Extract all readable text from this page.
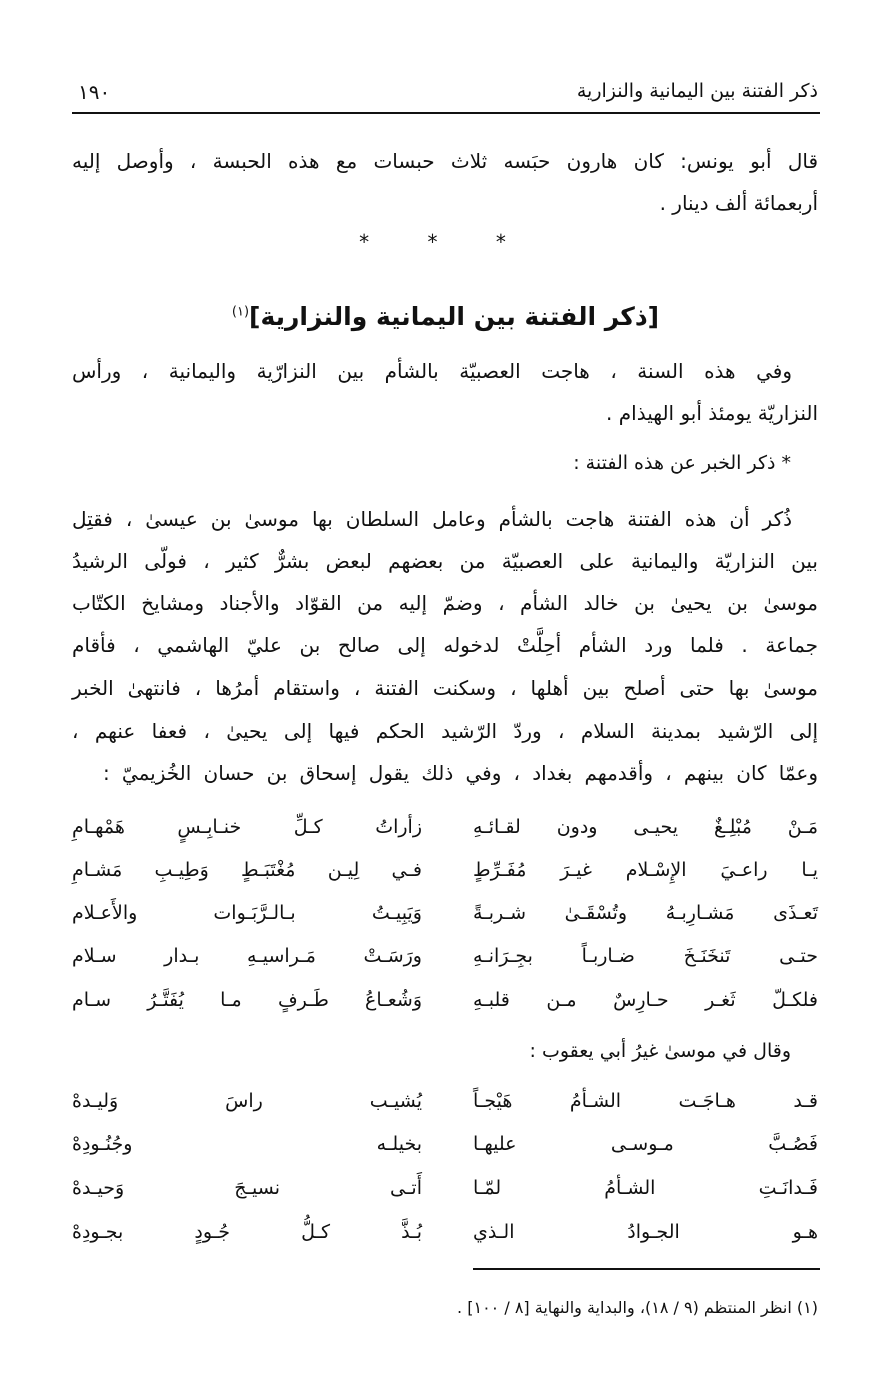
ذكر الفتنة بين اليمانية والنزارية
١٩٠
قال أبو يونس: كان هارون حبَسه ثلاث حبسات مع هذه الحبسة ، وأوصل إليه
أربعمائة ألف دينار .
* * *
[ذكر الفتنة بين اليمانية والنزارية]$^{(١)}$
وفي هذه السنة ، هاجت العصبيّة بالشأم بين النزارّية واليمانية ، ورأس
النزاريّة يومئذ أبو الهيذام .
* ذكر الخبر عن هذه الفتنة :
ذُكر أن هذه الفتنة هاجت بالشأم وعامل السلطان بها موسىٰ بن عيسىٰ ، فقتِل
بين النزاريّة واليمانية على العصبيّة من بعضهم لبعض بشرٌّ كثير ، فولّى الرشيدُ
موسىٰ بن يحيىٰ بن خالد الشأم ، وضمّ إليه من القوّاد والأجناد ومشايخ الكتّاب
جماعة . فلما ورد الشأم أحِلَّتْ لدخوله إلى صالح بن عليّ الهاشمي ، فأقام
موسىٰ بها حتى أصلح بين أهلها ، وسكنت الفتنة ، واستقام أمرُها ، فانتهىٰ الخبر
إلى الرّشيد بمدينة السلام ، وردّ الرّشيد الحكم فيها إلى يحيىٰ ، فعفا عنهم ،
وعمّا كان بينهم ، وأقدمهم بغداد ، وفي ذلك يقول إسحاق بن حسان الخُزيميّ :
مَـنْ مُبْلِـغٌ يحيـى ودون لقـائـهِ
زأراتُ كـلِّ خنـابِـسٍ هَمْهـامِ
يـا راعـيَ الإِسْـلام غيـرَ مُفَـرِّطٍ
فـي لِيـن مُغْتَبَـطٍ وَطِيـبِ مَشـامِ
تَعـذَى مَشـارِبـهُ وتُسْقَـىٰ شـربـةً
وَيَبِيـتُ بـالـرَّبَـوات والأَعـلام
حتـى تَنخَنَـخَ ضـاربـاً بجِـرَانـهِ
ورَسَـتْ مَـراسيـهِ بـدار سـلام
فلكـلّ ثَغـر حـارِسٌ مـن قلبـهِ
وَشُعـاعُ طَـرفٍ مـا يُفَتَّـرُ سـام
وقال في موسىٰ غيرُ أبي يعقوب :
قـد هـاجَـت الشـأمُ هَيْجـاً
يُشيـب راسَ وَليـدهْ
فَصُـبَّ مـوسـى عليهـا
بخيلـه وجُنُـودِهْ
فَـدانَـتِ الشـأمُ لمّـا
أَتـى نسيـجَ وَحيـدهْ
هـو الجـوادُ الـذي
بُـذَّ كـلُّ جُـودٍ بجـودِهْ
(١) انظر المنتظم (٩ / ١٨)، والبداية والنهاية [٨ / ١٠٠] .
